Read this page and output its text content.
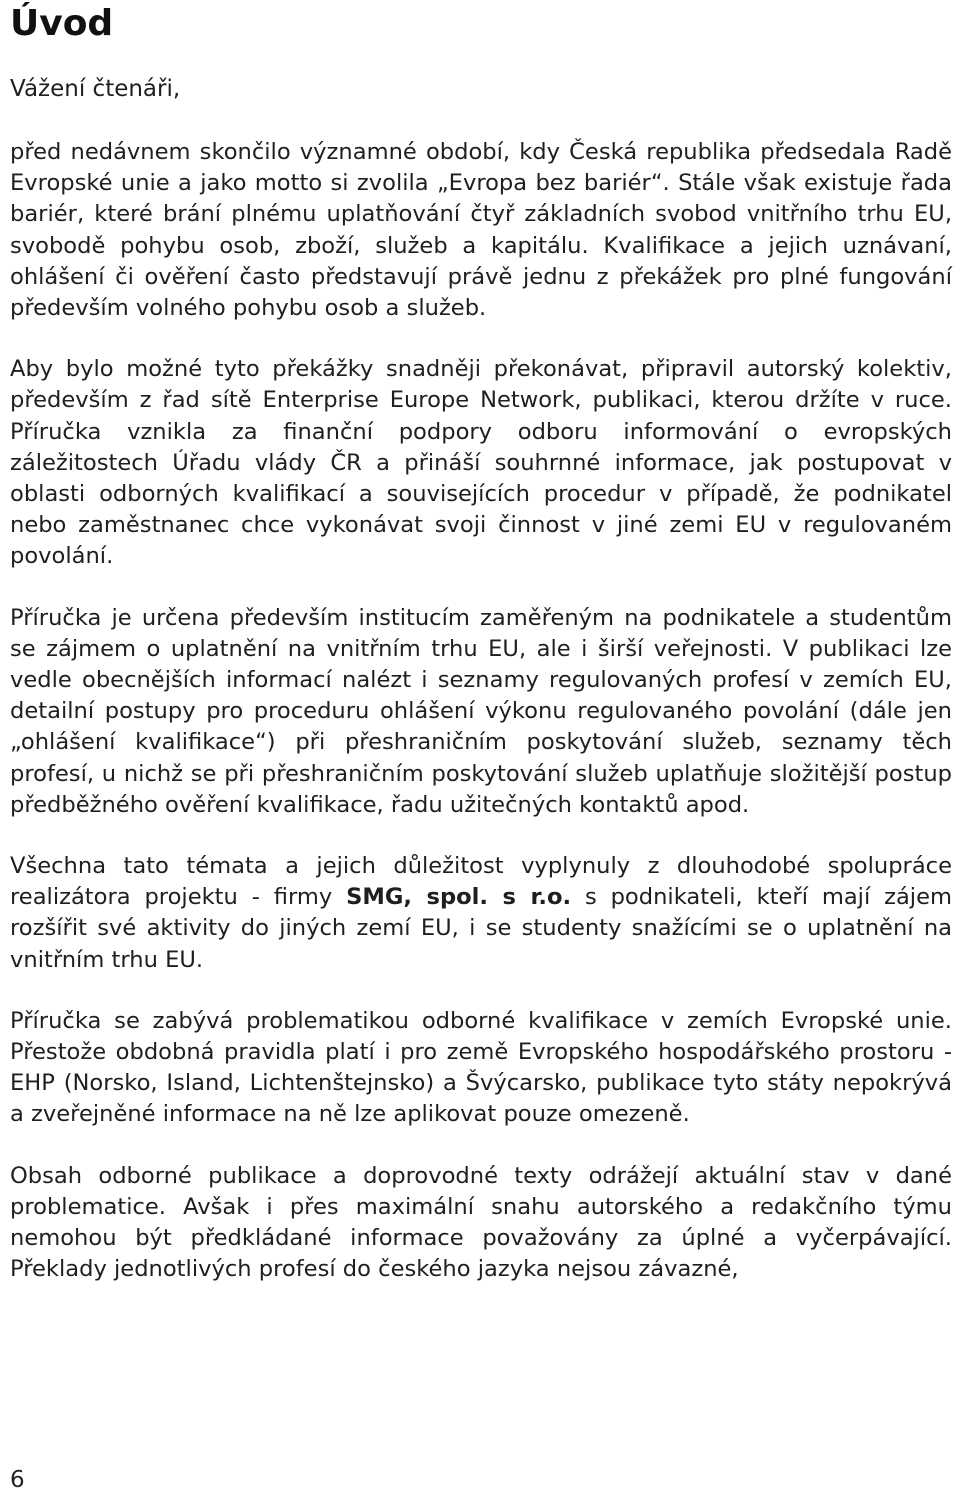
Úvod

Vážení čtenáři,

před nedávnem skončilo významné období, kdy Česká republika předsedala Radě Evropské unie a jako motto si zvolila „Evropa bez bariér“. Stále však existuje řada bariér, které brání plnému uplatňování čtyř základních svobod vnitřního trhu EU, svobodě pohybu osob, zboží, služeb a kapitálu. Kvalifikace a jejich uznávaní, ohlášení či ověření často představují právě jednu z překážek pro plné fungování především volného pohybu osob a služeb.

Aby bylo možné tyto překážky snadněji překonávat, připravil autorský kolektiv, především z řad sítě Enterprise Europe Network, publikaci, kterou držíte v ruce. Příručka vznikla za finanční podpory odboru informování o evropských záležitostech Úřadu vlády ČR a přináší souhrnné informace, jak postupovat v oblasti odborných kvalifikací a souvisejících procedur v případě, že podnikatel nebo zaměstnanec chce vykonávat svoji činnost v jiné zemi EU v regulovaném povolání.

Příručka je určena především institucím zaměřeným na podnikatele a studentům se zájmem o uplatnění na vnitřním trhu EU, ale i širší veřejnosti. V publikaci lze vedle obecnějších informací nalézt i seznamy regulovaných profesí v zemích EU, detailní postupy pro proceduru ohlášení výkonu regulovaného povolání (dále jen „ohlášení kvalifikace“) při přeshraničním poskytování služeb, seznamy těch profesí, u nichž se při přeshraničním poskytování služeb uplatňuje složitější postup předběžného ověření kvalifikace, řadu užitečných kontaktů apod.

Všechna tato témata a jejich důležitost vyplynuly z dlouhodobé spolupráce realizátora projektu - firmy SMG, spol. s r.o. s podnikateli, kteří mají zájem rozšířit své aktivity do jiných zemí EU, i se studenty snažícími se o uplatnění na vnitřním trhu EU.

Příručka se zabývá problematikou odborné kvalifikace v zemích Evropské unie. Přestože obdobná pravidla platí i pro země Evropského hospodářského prostoru - EHP (Norsko, Island, Lichtenštejnsko) a Švýcarsko, publikace tyto státy nepokrývá a zveřejněné informace na ně lze aplikovat pouze omezeně.

Obsah odborné publikace a doprovodné texty odrážejí aktuální stav v dané problematice. Avšak i přes maximální snahu autorského a redakčního týmu nemohou být předkládané informace považovány za úplné a vyčerpávající. Překlady jednotlivých profesí do českého jazyka nejsou závazné,

6
